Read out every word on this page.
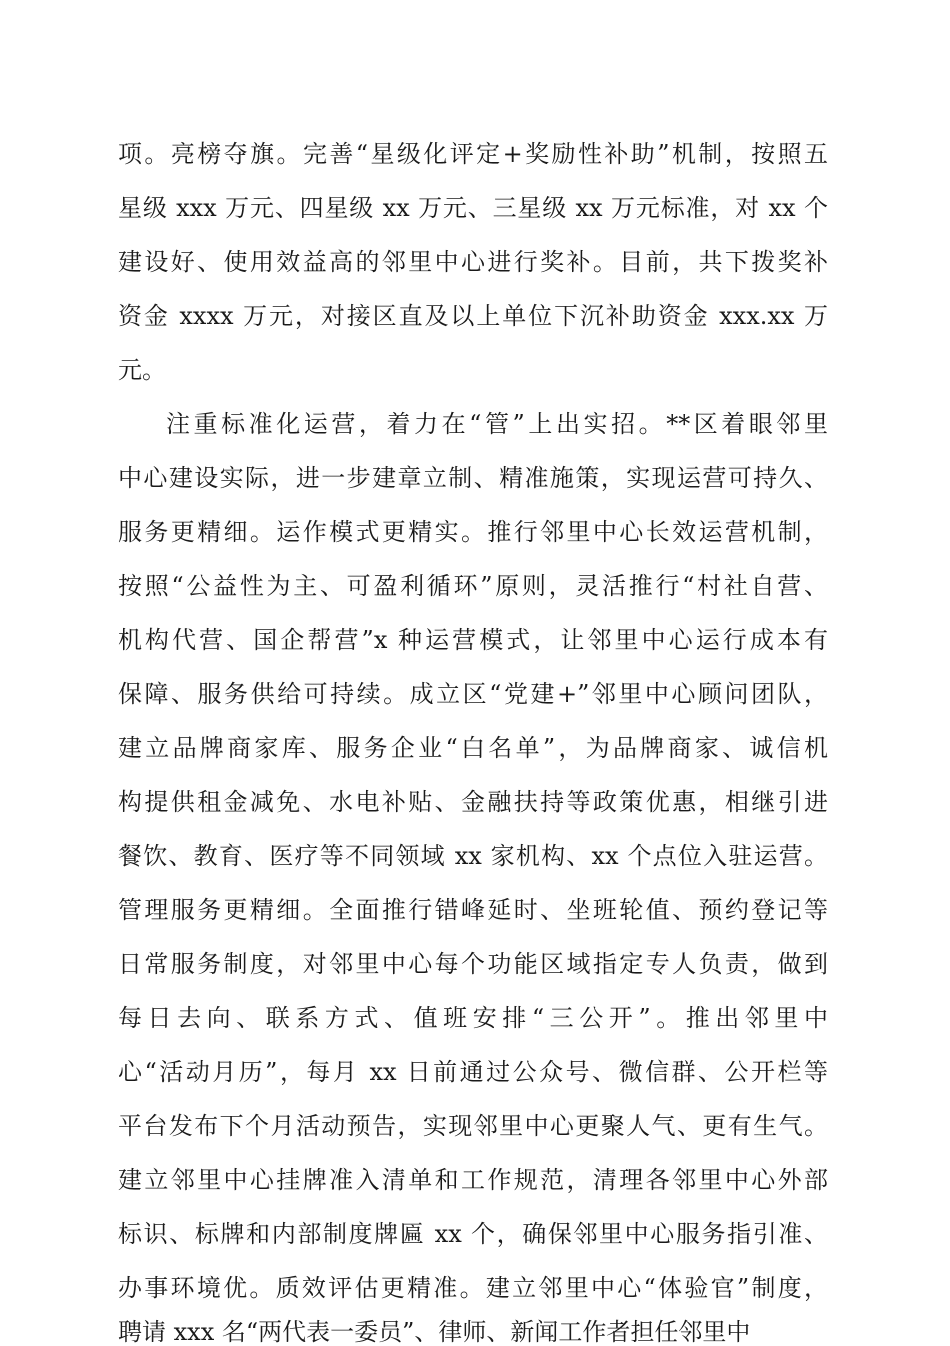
项。亮榜夺旗。完善“星级化评定+奖励性补助”机制，按照五
星级 xxx 万元、四星级 xx 万元、三星级 xx 万元标准，对 xx 个
建设好、使用效益高的邻里中心进行奖补。目前，共下拨奖补
资金 xxxx 万元，对接区直及以上单位下沉补助资金 xxx.xx 万
元。
注重标准化运营，着力在“管”上出实招。**区着眼邻里
中心建设实际，进一步建章立制、精准施策，实现运营可持久、
服务更精细。运作模式更精实。推行邻里中心长效运营机制，
按照“公益性为主、可盈利循环”原则，灵活推行“村社自营、
机构代营、国企帮营”x 种运营模式，让邻里中心运行成本有
保障、服务供给可持续。成立区“党建+”邻里中心顾问团队，
建立品牌商家库、服务企业“白名单”，为品牌商家、诚信机
构提供租金减免、水电补贴、金融扶持等政策优惠，相继引进
餐饮、教育、医疗等不同领域 xx 家机构、xx 个点位入驻运营。
管理服务更精细。全面推行错峰延时、坐班轮值、预约登记等
日常服务制度，对邻里中心每个功能区域指定专人负责，做到
每日去向、联系方式、值班安排“三公开”。推出邻里中
心“活动月历”，每月 xx 日前通过公众号、微信群、公开栏等
平台发布下个月活动预告，实现邻里中心更聚人气、更有生气。
建立邻里中心挂牌准入清单和工作规范，清理各邻里中心外部
标识、标牌和内部制度牌匾 xx 个，确保邻里中心服务指引准、
办事环境优。质效评估更精准。建立邻里中心“体验官”制度，
聘请 xxx 名“两代表一委员”、律师、新闻工作者担任邻里中
